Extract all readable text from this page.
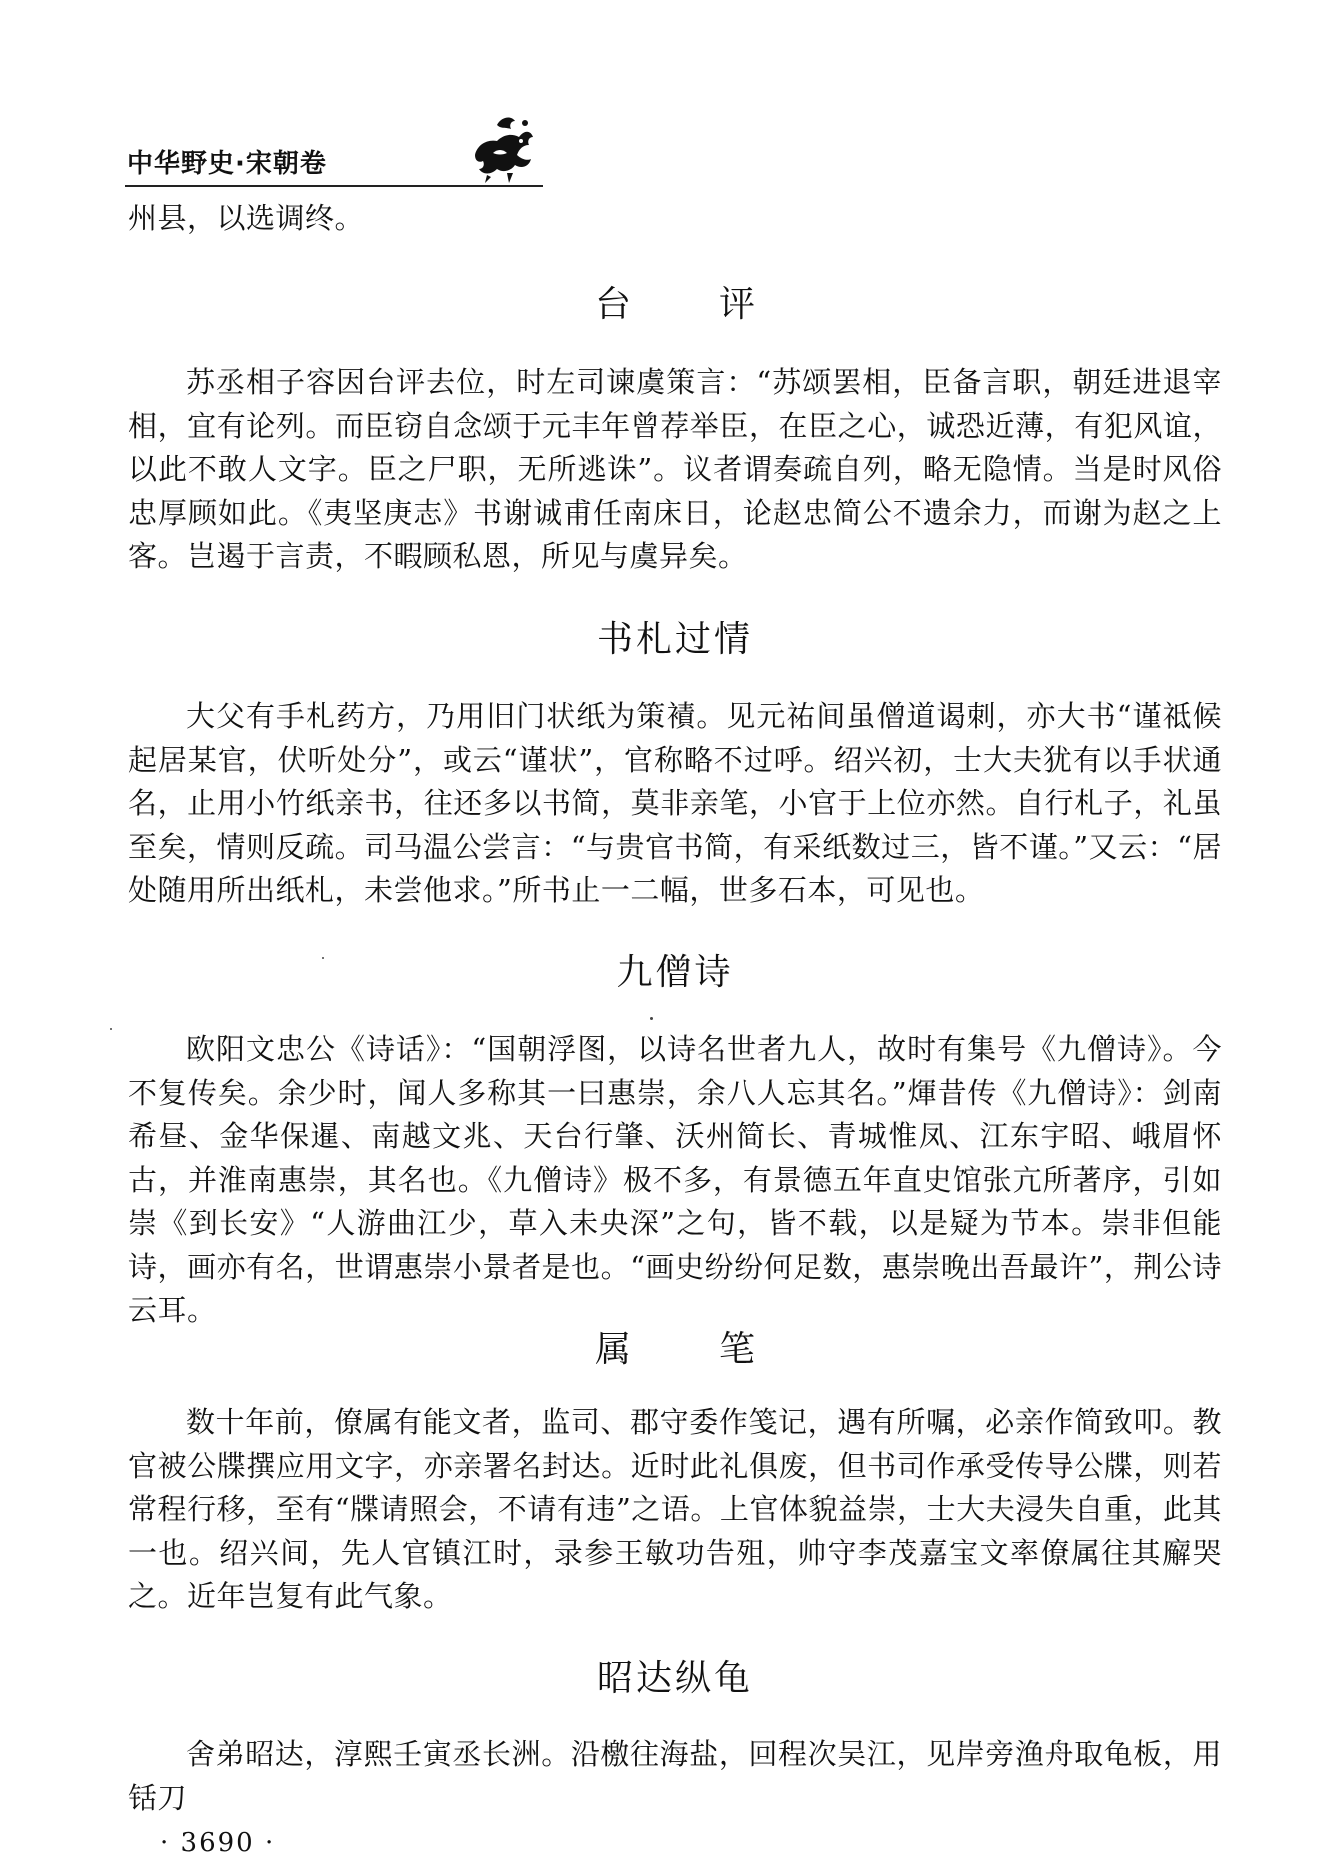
中华野史·宋朝卷
州县，以选调终。
台　评
苏丞相子容因台评去位，时左司谏虞策言：“苏颂罢相，臣备言职，朝廷进退宰相，宜有论列。而臣窃自念颂于元丰年曾荐举臣，在臣之心，诚恐近薄，有犯风谊，以此不敢人文字。臣之尸职，无所逃诛”。议者谓奏疏自列，略无隐情。当是时风俗忠厚顾如此。《夷坚庚志》书谢诚甫任南床日，论赵忠简公不遗余力，而谢为赵之上客。岂遏于言责，不暇顾私恩，所见与虞异矣。
书札过情
大父有手札药方，乃用旧门状纸为策襀。见元祐间虽僧道谒刺，亦大书“谨祗候起居某官，伏听处分”，或云“谨状”，官称略不过呼。绍兴初，士大夫犹有以手状通名，止用小竹纸亲书，往还多以书简，莫非亲笔，小官于上位亦然。自行札子，礼虽至矣，情则反疏。司马温公尝言：“与贵官书简，有采纸数过三，皆不谨。”又云：“居处随用所出纸札，未尝他求。”所书止一二幅，世多石本，可见也。
九僧诗
欧阳文忠公《诗话》：“国朝浮图，以诗名世者九人，故时有集号《九僧诗》。今不复传矣。余少时，闻人多称其一曰惠崇，余八人忘其名。”煇昔传《九僧诗》：剑南希昼、金华保暹、南越文兆、天台行肇、沃州简长、青城惟凤、江东宇昭、峨眉怀古，并淮南惠崇，其名也。《九僧诗》极不多，有景德五年直史馆张亢所著序，引如崇《到长安》“人游曲江少，草入未央深”之句，皆不载，以是疑为节本。崇非但能诗，画亦有名，世谓惠崇小景者是也。“画史纷纷何足数，惠崇晚出吾最许”，荆公诗云耳。
属　笔
数十年前，僚属有能文者，监司、郡守委作笺记，遇有所嘱，必亲作简致叩。教官被公牒撰应用文字，亦亲署名封达。近时此礼俱废，但书司作承受传导公牒，则若常程行移，至有“牒请照会，不请有违”之语。上官体貌益崇，士大夫浸失自重，此其一也。绍兴间，先人官镇江时，录参王敏功告殂，帅守李茂嘉宝文率僚属往其廨哭之。近年岂复有此气象。
昭达纵龟
舍弟昭达，淳熙壬寅丞长洲。沿檄往海盐，回程次吴江，见岸旁渔舟取龟板，用铦刀
· 3690 ·
